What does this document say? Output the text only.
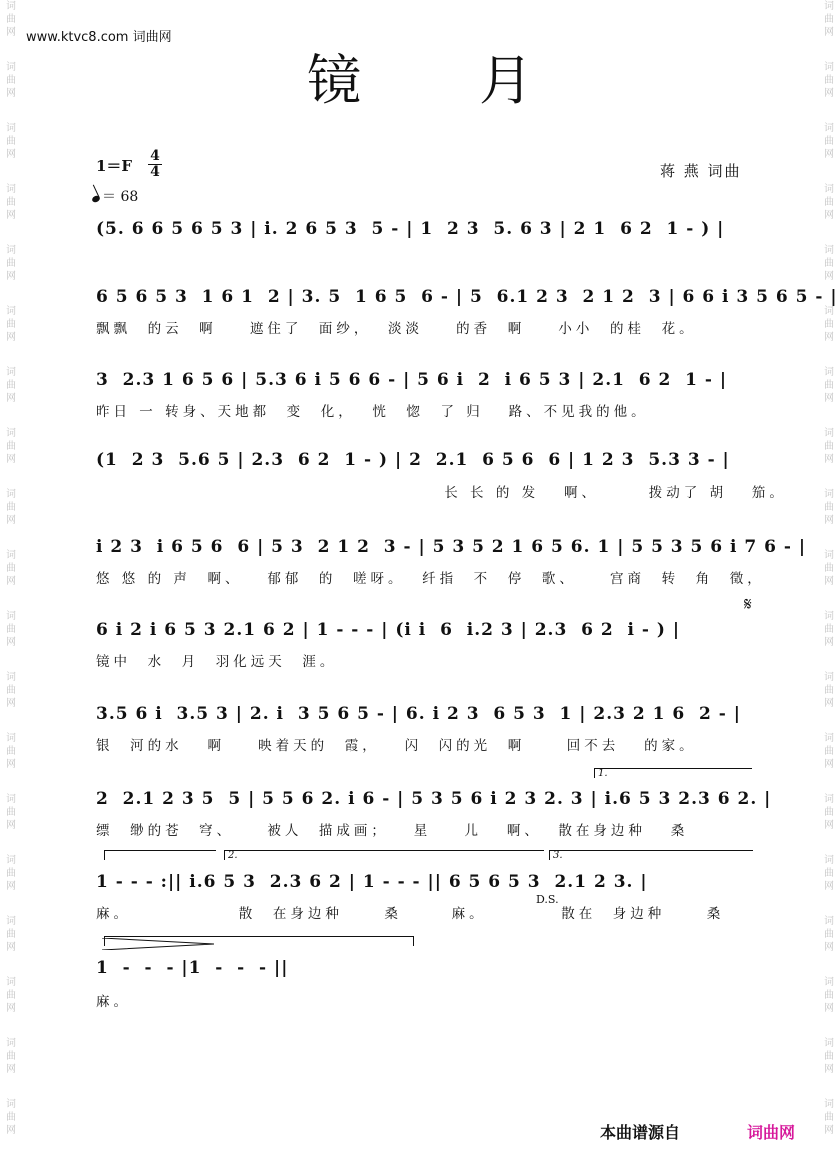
词 曲 网
词 曲 网
词 曲 网
词 曲 网
词 曲 网
词 曲 网
词 曲 网
词 曲 网
词 曲 网
词 曲 网
词 曲 网
词 曲 网
词 曲 网
词 曲 网
词 曲 网
词 曲 网
词 曲 网
词 曲 网
词 曲 网
词 曲 网
词 曲 网
词 曲 网
词 曲 网
词 曲 网
词 曲 网
词 曲 网
词 曲 网
词 曲 网
词 曲 网
词 曲 网
词 曲 网
词 曲 网
词 曲 网
词 曲 网
词 曲 网
词 曲 网
词 曲 网
词 曲 网
www.ktvc8.com 词曲网
镜月
1＝F
4
4
＝ 68
蒋 燕 词曲
(5. 6 6 5 6 5 3 | i. 2 6 5 3  5 - | 1  2 3  5. 6 3 | 2 1  6 2  1 - ) |
6 5 6 5 3  1 6 1  2 | 3. 5  1 6 5  6 - | 5  6.1 2 3  2 1 2  3 | 6 6 i 3 5 6 5 - |
飘飘  的云  啊    遮住了  面纱，  淡淡    的香  啊    小小  的桂  花。
3  2.3 1 6 5 6 | 5.3 6 i 5 6 6 - | 5 6 i  2  i 6 5 3 | 2.1  6 2  1 - |
昨日 一 转身、天地都  变  化，  恍  惚  了 归   路、不见我的他。
(1  2 3  5.6 5 | 2.3  6 2  1 - ) | 2  2.1  6 5 6  6 | 1 2 3  5.3 3 - |
长 长 的 发   啊、      拨动了 胡   笳。
i 2 3  i 6 5 6  6 | 5 3  2 1 2  3 - | 5 3 5 2 1 6 5 6. 1 | 5 5 3 5 6 i 7 6 - |
悠 悠 的 声  啊、   郁郁  的  嗟呀。  纤指  不  停  歌、    宫商  转  角  徵，
𝄋
6 i 2 i 6 5 3 2.1 6 2 | 1 - - - | (i i  6  i.2 3 | 2.3  6 2  i - ) |
镜中  水  月  羽化远天  涯。
3.5 6 i  3.5 3 | 2. i  3 5 6 5 - | 6. i 2 3  6 5 3  1 | 2.3 2 1 6  2 - |
银  河的水   啊    映着天的  霞，   闪  闪的光  啊     回不去   的家。
1.
2  2.1 2 3 5  5 | 5 5 6 2. i 6 - | 5 3 5 6 i 2 3 2. 3 | i.6 5 3 2.3 6 2. |
缥  缈的苍  穹、    被人  描成画；   星    儿   啊、  散在身边种   桑
2.	3.
1 - - - :|| i.6 5 3  2.3 6 2 | 1 - - - || 6 5 6 5 3  2.1 2 3. |
D.S.
麻。             散  在身边种     桑      麻。         散在  身边种     桑
1  -  -  - |1  -  -  - ||
麻。
本曲谱源自	词曲网
